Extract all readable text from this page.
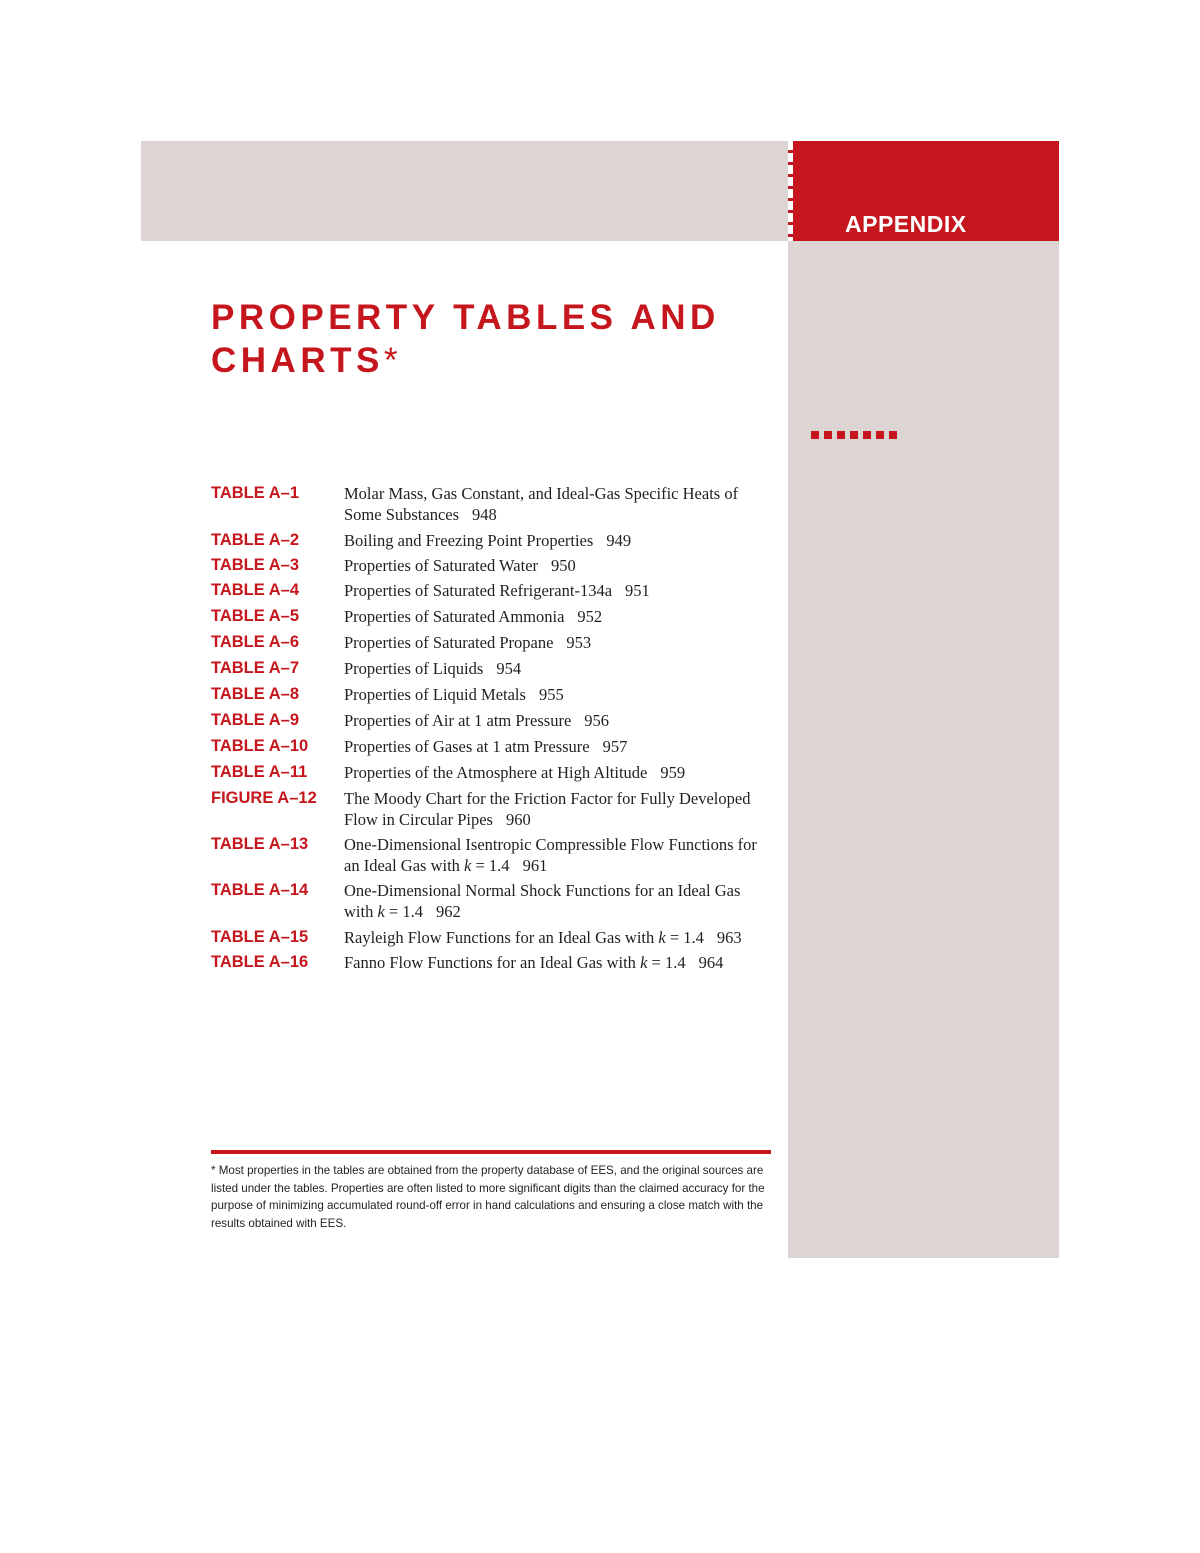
APPENDIX
PROPERTY TABLES AND
CHARTS*
TABLE A–1	Molar Mass, Gas Constant, and Ideal-Gas Specific Heats of Some Substances 948
TABLE A–2	Boiling and Freezing Point Properties 949
TABLE A–3	Properties of Saturated Water 950
TABLE A–4	Properties of Saturated Refrigerant-134a 951
TABLE A–5	Properties of Saturated Ammonia 952
TABLE A–6	Properties of Saturated Propane 953
TABLE A–7	Properties of Liquids 954
TABLE A–8	Properties of Liquid Metals 955
TABLE A–9	Properties of Air at 1 atm Pressure 956
TABLE A–10	Properties of Gases at 1 atm Pressure 957
TABLE A–11	Properties of the Atmosphere at High Altitude 959
FIGURE A–12	The Moody Chart for the Friction Factor for Fully Developed Flow in Circular Pipes 960
TABLE A–13	One-Dimensional Isentropic Compressible Flow Functions for an Ideal Gas with k = 1.4 961
TABLE A–14	One-Dimensional Normal Shock Functions for an Ideal Gas with k = 1.4 962
TABLE A–15	Rayleigh Flow Functions for an Ideal Gas with k = 1.4 963
TABLE A–16	Fanno Flow Functions for an Ideal Gas with k = 1.4 964

* Most properties in the tables are obtained from the property database of EES, and the original sources are listed under the tables. Properties are often listed to more significant digits than the claimed accuracy for the purpose of minimizing accumulated round-off error in hand calculations and ensuring a close match with the results obtained with EES.
